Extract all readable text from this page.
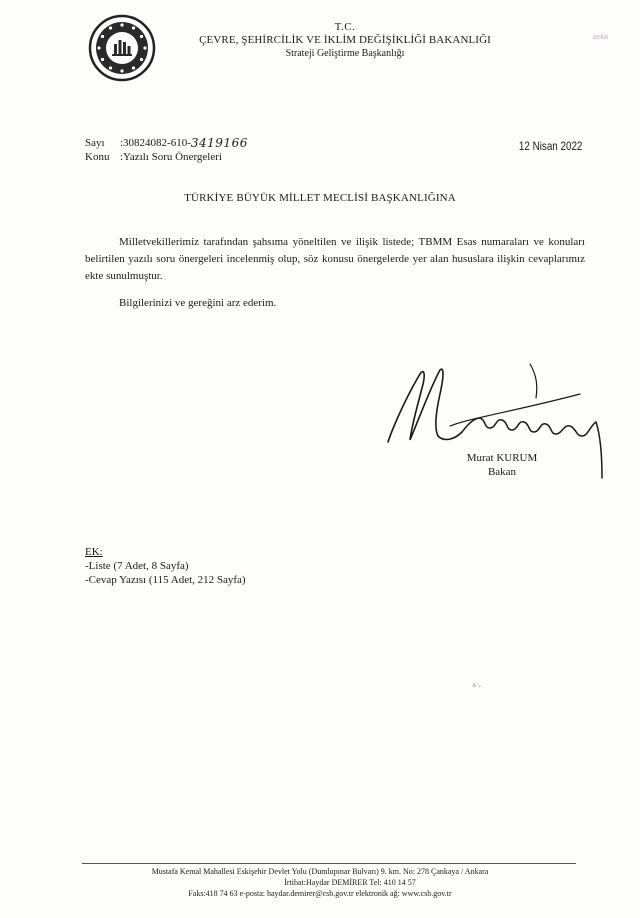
T.C.
ÇEVRE, ŞEHİRCİLİK VE İKLİM DEĞİŞİKLİĞİ BAKANLIĞI
Strateji Geliştirme Başkanlığı
anka
Sayı	:30824082-610- 3419166
Konu :Yazılı Soru Önergeleri
12 Nisan 2022
TÜRKİYE BÜYÜK MİLLET MECLİSİ BAŞKANLIĞINA

Milletvekillerimiz tarafından şahsıma yöneltilen ve ilişik listede; TBMM Esas numaraları ve konuları belirtilen yazılı soru önergeleri incelenmiş olup, söz konusu önergelerde yer alan hususlara ilişkin cevaplarımız ekte sunulmuştur.

Bilgilerinizi ve gereğini arz ederim.
Murat KURUM
Bakan
EK:
-Liste (7 Adet, 8 Sayfa)
-Cevap Yazısı (115 Adet, 212 Sayfa)
ᴧ·ᵥ
Mustafa Kemal Mahallesi Eskişehir Devlet Yolu (Dumlupınar Bulvarı) 9. km. No: 278 Çankaya / Ankara
İrtibat:Haydar DEMİRER Tel: 410 14 57
Faks:418 74 63 e-posta: haydar.demirer@csb.gov.tr elektronik ağ: www.csb.gov.tr
